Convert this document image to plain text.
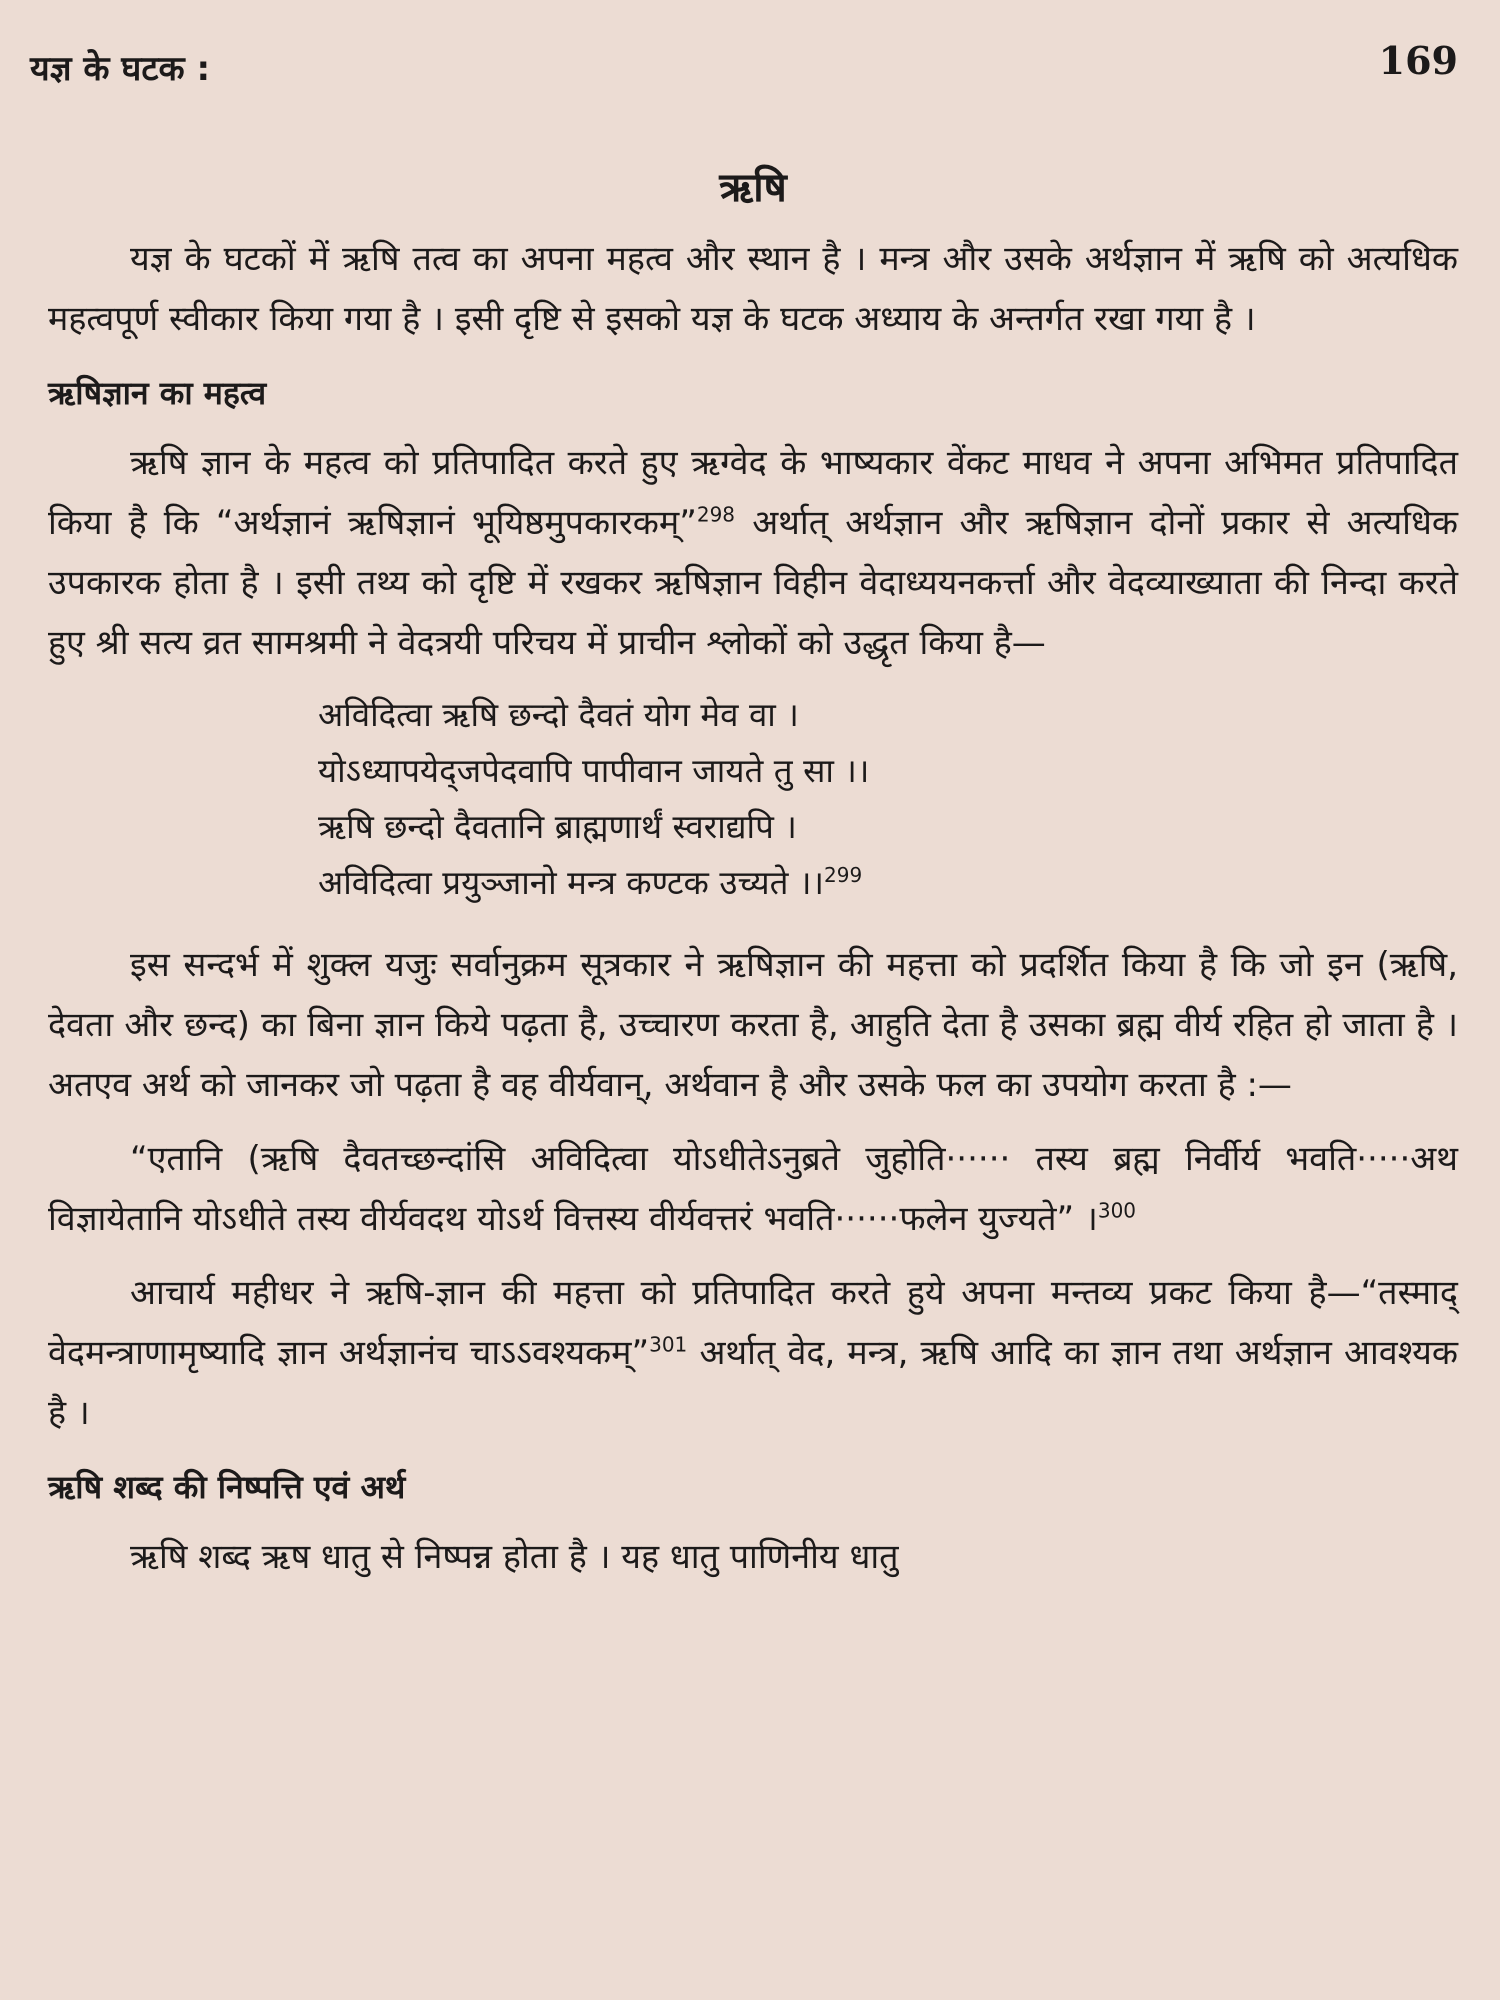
यज्ञ के घटक :	169
ऋषि

यज्ञ के घटकों में ऋषि तत्व का अपना महत्व और स्थान है । मन्त्र और उसके अर्थज्ञान में ऋषि को अत्यधिक महत्वपूर्ण स्वीकार किया गया है । इसी दृष्टि से इसको यज्ञ के घटक अध्याय के अन्तर्गत रखा गया है ।

ऋषिज्ञान का महत्व

ऋषि ज्ञान के महत्व को प्रतिपादित करते हुए ऋग्वेद के भाष्यकार वेंकट माधव ने अपना अभिमत प्रतिपादित किया है कि “अर्थज्ञानं ऋषिज्ञानं भूयिष्ठमुपकारकम्”$^{298}$ अर्थात् अर्थज्ञान और ऋषिज्ञान दोनों प्रकार से अत्यधिक उपकारक होता है । इसी तथ्य को दृष्टि में रखकर ऋषिज्ञान विहीन वेदाध्ययनकर्त्ता और वेदव्याख्याता की निन्दा करते हुए श्री सत्य व्रत सामश्रमी ने वेदत्रयी परिचय में प्राचीन श्लोकों को उद्धृत किया है—

अविदित्वा ऋषि छन्दो दैवतं योग मेव वा ।
योऽध्यापयेद्जपेदवापि पापीवान जायते तु सा ।।
ऋषि छन्दो दैवतानि ब्राह्मणार्थं स्वराद्यपि ।
अविदित्वा प्रयुञ्जानो मन्त्र कण्टक उच्यते ।।$^{299}$

इस सन्दर्भ में शुक्ल यजुः सर्वानुक्रम सूत्रकार ने ऋषिज्ञान की महत्ता को प्रदर्शित किया है कि जो इन (ऋषि, देवता और छन्द) का बिना ज्ञान किये पढ़ता है, उच्चारण करता है, आहुति देता है उसका ब्रह्म वीर्य रहित हो जाता है । अतएव अर्थ को जानकर जो पढ़ता है वह वीर्यवान्, अर्थवान है और उसके फल का उपयोग करता है :—

“एतानि (ऋषि दैवतच्छन्दांसि अविदित्वा योऽधीतेऽनुब्रते जुहोति······ तस्य ब्रह्म निर्वीर्य भवति·····अथ विज्ञायेतानि योऽधीते तस्य वीर्यवदथ योऽर्थ वित्तस्य वीर्यवत्तरं भवति······फलेन युज्यते” ।$^{300}$

आचार्य महीधर ने ऋषि-ज्ञान की महत्ता को प्रतिपादित करते हुये अपना मन्तव्य प्रकट किया है—“तस्माद् वेदमन्त्राणामृष्यादि ज्ञान अर्थज्ञानंच चाऽऽवश्यकम्”$^{301}$ अर्थात् वेद, मन्त्र, ऋषि आदि का ज्ञान तथा अर्थज्ञान आवश्यक है ।

ऋषि शब्द की निष्पत्ति एवं अर्थ

ऋषि शब्द ऋष धातु से निष्पन्न होता है । यह धातु पाणिनीय धातु
